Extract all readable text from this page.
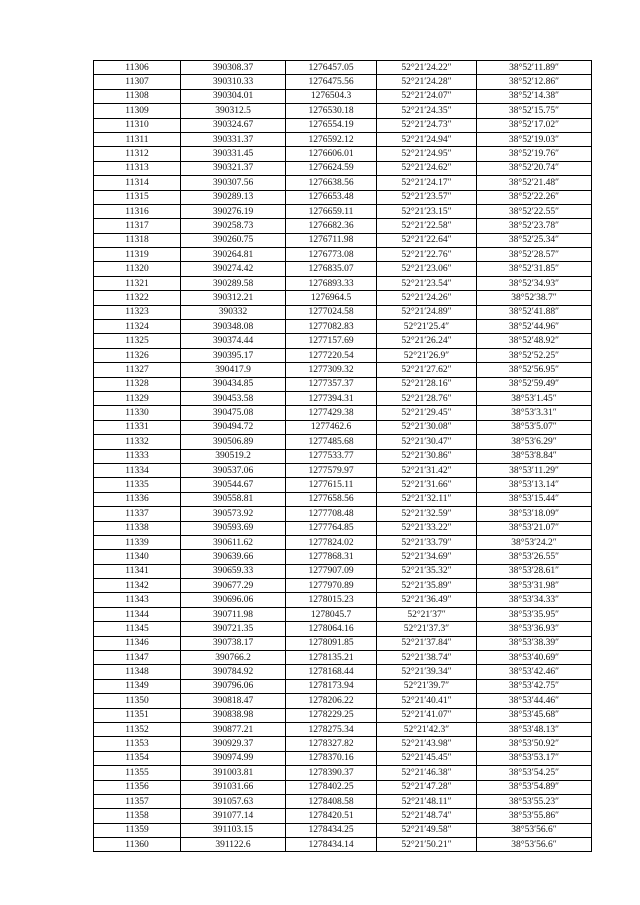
11306	390308.37	1276457.05	52°21′24.22″	38°52′11.89″
11307	390310.33	1276475.56	52°21′24.28″	38°52′12.86″
11308	390304.01	1276504.3	52°21′24.07″	38°52′14.38″
11309	390312.5	1276530.18	52°21′24.35″	38°52′15.75″
11310	390324.67	1276554.19	52°21′24.73″	38°52′17.02″
11311	390331.37	1276592.12	52°21′24.94″	38°52′19.03″
11312	390331.45	1276606.01	52°21′24.95″	38°52′19.76″
11313	390321.37	1276624.59	52°21′24.62″	38°52′20.74″
11314	390307.56	1276638.56	52°21′24.17″	38°52′21.48″
11315	390289.13	1276653.48	52°21′23.57″	38°52′22.26″
11316	390276.19	1276659.11	52°21′23.15″	38°52′22.55″
11317	390258.73	1276682.36	52°21′22.58″	38°52′23.78″
11318	390260.75	1276711.98	52°21′22.64″	38°52′25.34″
11319	390264.81	1276773.08	52°21′22.76″	38°52′28.57″
11320	390274.42	1276835.07	52°21′23.06″	38°52′31.85″
11321	390289.58	1276893.33	52°21′23.54″	38°52′34.93″
11322	390312.21	1276964.5	52°21′24.26″	38°52′38.7″
11323	390332	1277024.58	52°21′24.89″	38°52′41.88″
11324	390348.08	1277082.83	52°21′25.4″	38°52′44.96″
11325	390374.44	1277157.69	52°21′26.24″	38°52′48.92″
11326	390395.17	1277220.54	52°21′26.9″	38°52′52.25″
11327	390417.9	1277309.32	52°21′27.62″	38°52′56.95″
11328	390434.85	1277357.37	52°21′28.16″	38°52′59.49″
11329	390453.58	1277394.31	52°21′28.76″	38°53′1.45″
11330	390475.08	1277429.38	52°21′29.45″	38°53′3.31″
11331	390494.72	1277462.6	52°21′30.08″	38°53′5.07″
11332	390506.89	1277485.68	52°21′30.47″	38°53′6.29″
11333	390519.2	1277533.77	52°21′30.86″	38°53′8.84″
11334	390537.06	1277579.97	52°21′31.42″	38°53′11.29″
11335	390544.67	1277615.11	52°21′31.66″	38°53′13.14″
11336	390558.81	1277658.56	52°21′32.11″	38°53′15.44″
11337	390573.92	1277708.48	52°21′32.59″	38°53′18.09″
11338	390593.69	1277764.85	52°21′33.22″	38°53′21.07″
11339	390611.62	1277824.02	52°21′33.79″	38°53′24.2″
11340	390639.66	1277868.31	52°21′34.69″	38°53′26.55″
11341	390659.33	1277907.09	52°21′35.32″	38°53′28.61″
11342	390677.29	1277970.89	52°21′35.89″	38°53′31.98″
11343	390696.06	1278015.23	52°21′36.49″	38°53′34.33″
11344	390711.98	1278045.7	52°21′37″	38°53′35.95″
11345	390721.35	1278064.16	52°21′37.3″	38°53′36.93″
11346	390738.17	1278091.85	52°21′37.84″	38°53′38.39″
11347	390766.2	1278135.21	52°21′38.74″	38°53′40.69″
11348	390784.92	1278168.44	52°21′39.34″	38°53′42.46″
11349	390796.06	1278173.94	52°21′39.7″	38°53′42.75″
11350	390818.47	1278206.22	52°21′40.41″	38°53′44.46″
11351	390838.98	1278229.25	52°21′41.07″	38°53′45.68″
11352	390877.21	1278275.34	52°21′42.3″	38°53′48.13″
11353	390929.37	1278327.82	52°21′43.98″	38°53′50.92″
11354	390974.99	1278370.16	52°21′45.45″	38°53′53.17″
11355	391003.81	1278390.37	52°21′46.38″	38°53′54.25″
11356	391031.66	1278402.25	52°21′47.28″	38°53′54.89″
11357	391057.63	1278408.58	52°21′48.11″	38°53′55.23″
11358	391077.14	1278420.51	52°21′48.74″	38°53′55.86″
11359	391103.15	1278434.25	52°21′49.58″	38°53′56.6″
11360	391122.6	1278434.14	52°21′50.21″	38°53′56.6″
